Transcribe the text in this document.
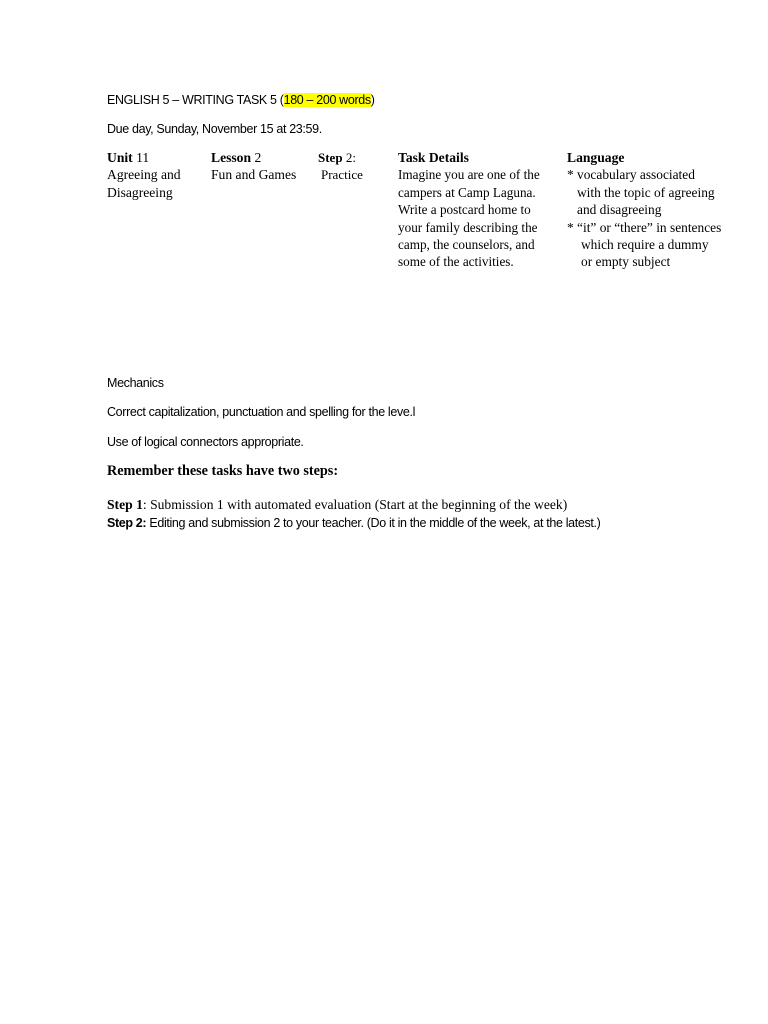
ENGLISH 5 – WRITING TASK 5 (180 – 200 words)
Due day, Sunday, November 15 at 23:59.
Unit 11
Agreeing and
Disagreeing
Lesson 2
Fun and Games
Step 2:
Practice
Task Details
Imagine you are one of the
campers at Camp Laguna.
Write a postcard home to
your family describing the
camp, the counselors, and
some of the activities.
Language
* vocabulary associated
with the topic of agreeing
and disagreeing
* “it” or “there” in sentences
which require a dummy
or empty subject
Mechanics
Correct capitalization, punctuation and spelling for the leve.l
Use of logical connectors appropriate.
Remember these tasks have two steps:
Step 1: Submission 1 with automated evaluation (Start at the beginning of the week)
Step 2: Editing and submission 2 to your teacher. (Do it in the middle of the week, at the latest.)
